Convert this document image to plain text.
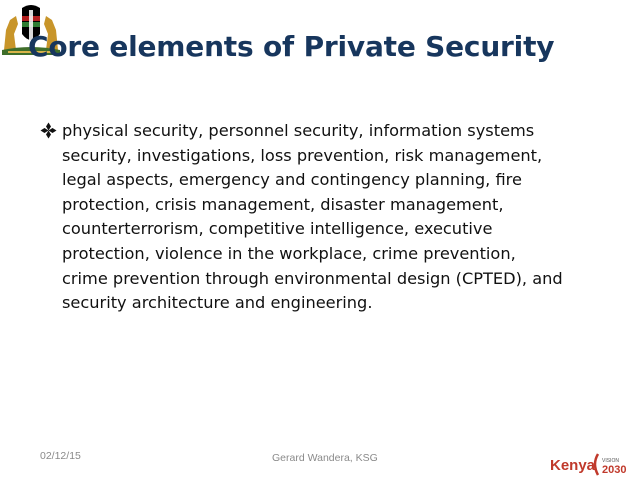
Core elements of Private Security

physical security, personnel security, information systems
security, investigations, loss prevention, risk management,
legal aspects, emergency and contingency planning, fire
protection, crisis management, disaster management,
counterterrorism, competitive intelligence, executive
protection, violence in the workplace, crime prevention,
crime prevention through environmental design (CPTED), and
security architecture and engineering.

02/12/15	Gerard Wandera, KSG	Kenya VISION
2030
